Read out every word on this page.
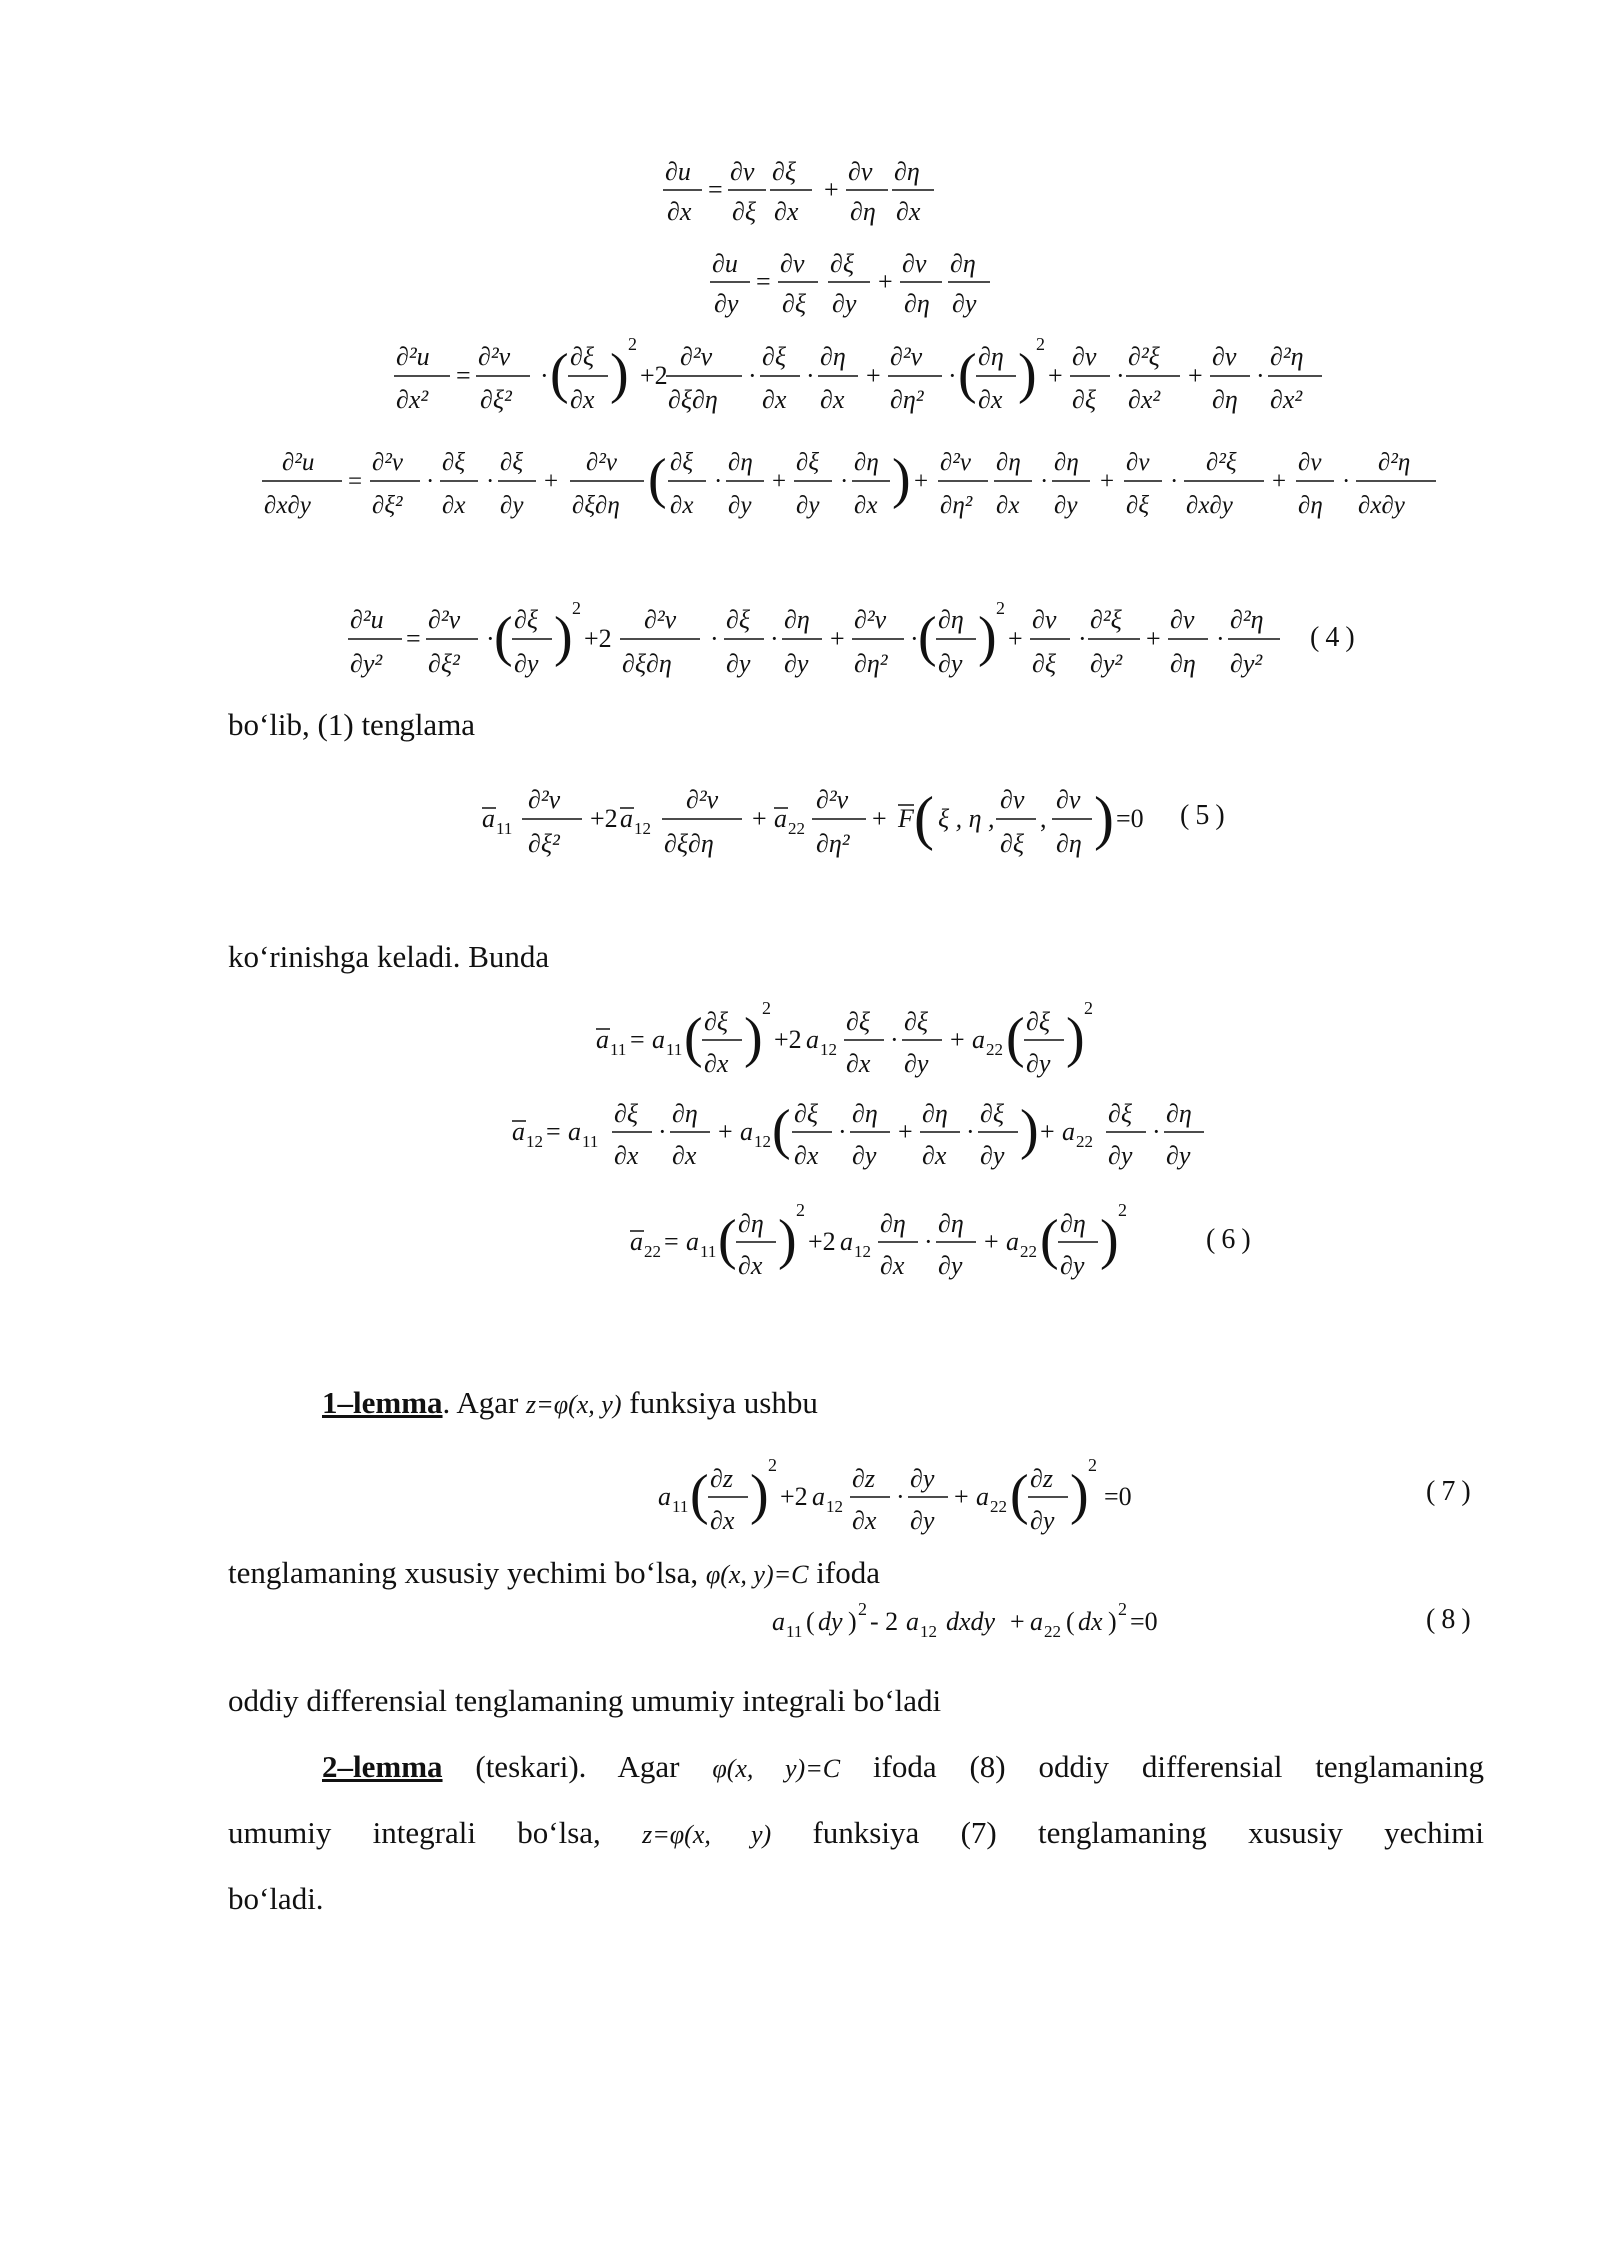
∂u
∂x
=
∂v
∂ξ
∂ξ
∂x
+
∂v
∂η
∂η
∂x
∂u
∂y
=
∂v
∂ξ
∂ξ
∂y
+
∂v
∂η
∂η
∂y
∂²u
∂x²
=
∂²v
∂ξ²
· ( ∂ξ
∂x ) 2
+2
∂²v
∂ξ∂η
·
∂ξ
∂x
·
∂η
∂x
+
∂²v
∂η²
· ( ∂η
∂x ) 2
+
∂v
∂ξ
·
∂²ξ
∂x²
+
∂v
∂η
·
∂²η
∂x²
∂²u
∂x∂y
=
∂²v
∂ξ²
·
∂ξ
∂x
·
∂ξ
∂y
+
∂²v
∂ξ∂η ( ∂ξ
∂x
·
∂η
∂y
+
∂ξ
∂y
·
∂η
∂x ) +
∂²v
∂η²
∂η
∂x
·
∂η
∂y
+
∂v
∂ξ
·
∂²ξ
∂x∂y
+
∂v
∂η
·
∂²η
∂x∂y
∂²u
∂y²
=
∂²v
∂ξ²
· ( ∂ξ
∂y ) 2
+2
∂²v
∂ξ∂η
·
∂ξ
∂y
·
∂η
∂y
+
∂²v
∂η²
· ( ∂η
∂y ) 2
+
∂v
∂ξ
·
∂²ξ
∂y²
+
∂v
∂η
·
∂²η
∂y²
a 11
∂²v
∂ξ²
+2 a 12
∂²v
∂ξ∂η
+ a 22
∂²v
∂η²
+ F ( ξ , η ,
∂v
∂ξ
,
∂v
∂η ) =0
a 11 = a 11 ( ∂ξ
∂x ) 2
+2 a 12
∂ξ
∂x
·
∂ξ
∂y
+ a 22 ( ∂ξ
∂y ) 2
a 12 = a 11
∂ξ
∂x
·
∂η
∂x
+ a 12 ( ∂ξ
∂x
·
∂η
∂y
+
∂η
∂x
·
∂ξ
∂y ) + a 22
∂ξ
∂y
·
∂η
∂y
a 22 = a 11 ( ∂η
∂x ) 2
+2 a 12
∂η
∂x
·
∂η
∂y
+ a 22 ( ∂η
∂y ) 2
a 11 ( ∂z
∂x ) 2
+2 a 12
∂z
∂x
·
∂y
∂y
+ a 22 ( ∂z
∂y ) 2
=0
a 11 ( dy ) 2 - 2 a 12 dxdy + a 22 ( dx ) 2 =0
(4)
(5)
(6)
(7)
(8)
bo‘lib, (1) tenglama
ko‘rinishga keladi. Bunda
1–lemma. Agar z=φ(x, y) funksiya ushbu
tenglamaning xususiy yechimi bo‘lsa, φ(x, y)=C ifoda
oddiy differensial tenglamaning umumiy integrali bo‘ladi
2–lemma (teskari). Agar φ(x, y)=C ifoda (8) oddiy differensial tenglamaning
umumiy integrali bo‘lsa, z=φ(x, y) funksiya (7) tenglamaning xususiy yechimi
bo‘ladi.
